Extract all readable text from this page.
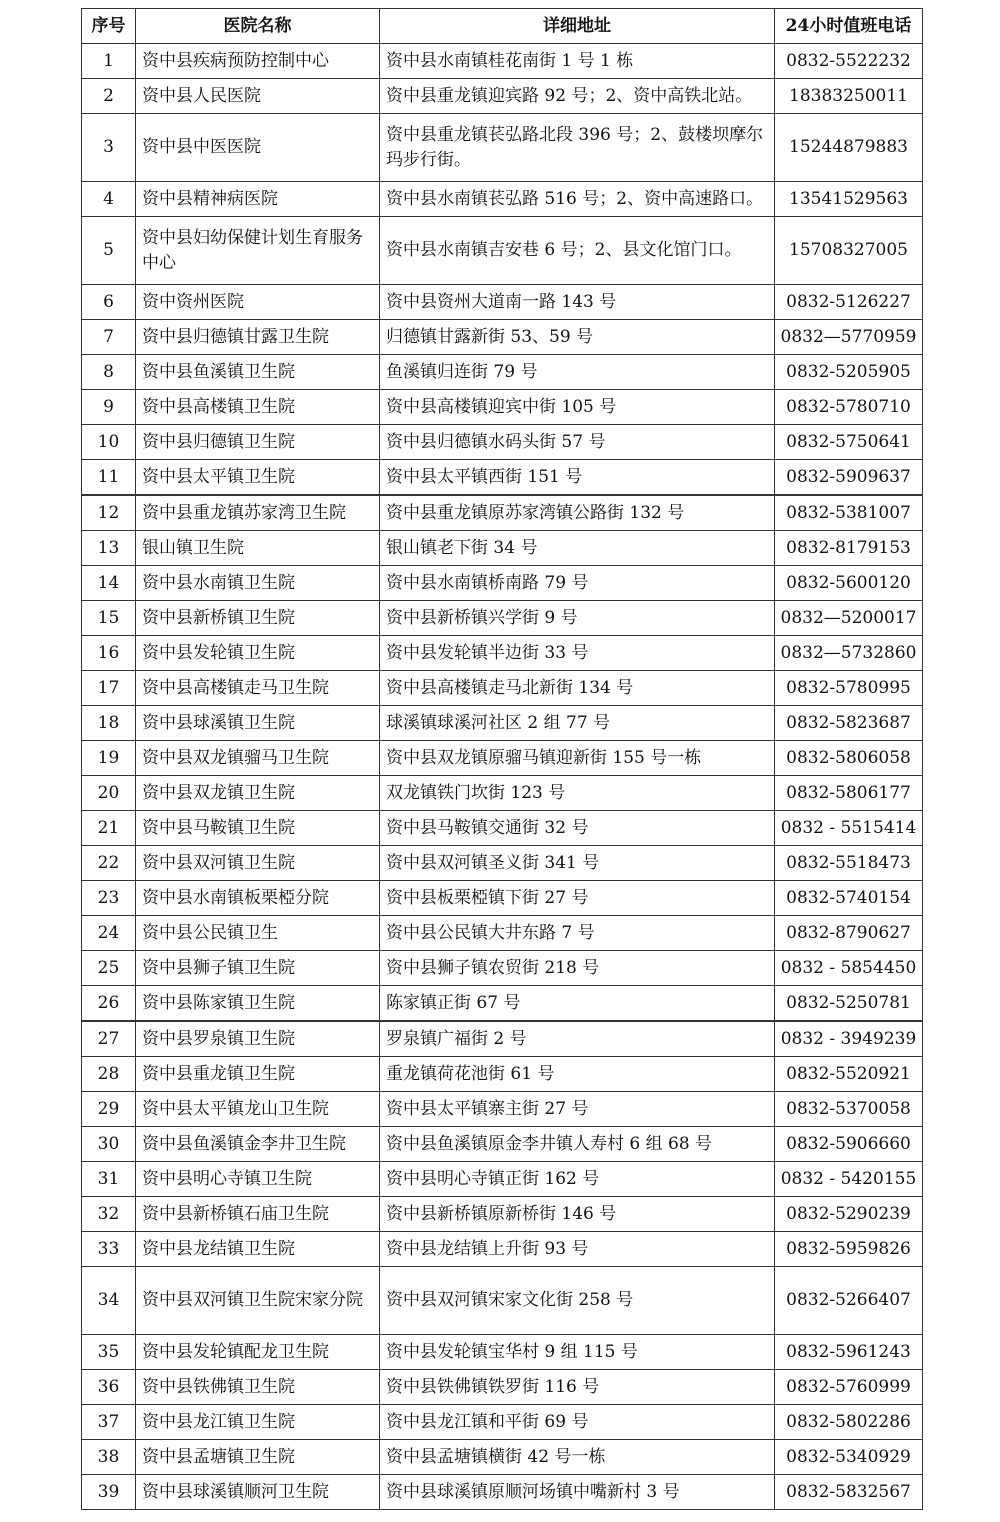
序号	医院名称	详细地址	24小时值班电话
1	资中县疾病预防控制中心	资中县水南镇桂花南街 1 号 1 栋	0832-5522232
2	资中县人民医院	资中县重龙镇迎宾路 92 号；2、资中高铁北站。	18383250011
3	资中县中医医院	资中县重龙镇苌弘路北段 396 号；2、鼓楼坝摩尔玛步行街。	15244879883
4	资中县精神病医院	资中县水南镇苌弘路 516 号；2、资中高速路口。	13541529563
5	资中县妇幼保健计划生育服务中心	资中县水南镇吉安巷 6 号；2、县文化馆门口。	15708327005
6	资中资州医院	资中县资州大道南一路 143 号	0832-5126227
7	资中县归德镇甘露卫生院	归德镇甘露新街 53、59 号	0832—5770959
8	资中县鱼溪镇卫生院	鱼溪镇归连街 79 号	0832-5205905
9	资中县高楼镇卫生院	资中县高楼镇迎宾中街 105 号	0832-5780710
10	资中县归德镇卫生院	资中县归德镇水码头街 57 号	0832-5750641
11	资中县太平镇卫生院	资中县太平镇西街 151 号	0832-5909637
12	资中县重龙镇苏家湾卫生院	资中县重龙镇原苏家湾镇公路街 132 号	0832-5381007
13	银山镇卫生院	银山镇老下街 34 号	0832-8179153
14	资中县水南镇卫生院	资中县水南镇桥南路 79 号	0832-5600120
15	资中县新桥镇卫生院	资中县新桥镇兴学街 9 号	0832—5200017
16	资中县发轮镇卫生院	资中县发轮镇半边街 33 号	0832—5732860
17	资中县高楼镇走马卫生院	资中县高楼镇走马北新街 134 号	0832-5780995
18	资中县球溪镇卫生院	球溪镇球溪河社区 2 组 77 号	0832-5823687
19	资中县双龙镇骝马卫生院	资中县双龙镇原骝马镇迎新街 155 号一栋	0832-5806058
20	资中县双龙镇卫生院	双龙镇铁门坎街 123 号	0832-5806177
21	资中县马鞍镇卫生院	资中县马鞍镇交通街 32 号	0832 - 5515414
22	资中县双河镇卫生院	资中县双河镇圣义街 341 号	0832-5518473
23	资中县水南镇板栗椏分院	资中县板栗椏镇下街 27 号	0832-5740154
24	资中县公民镇卫生	资中县公民镇大井东路 7 号	0832-8790627
25	资中县狮子镇卫生院	资中县狮子镇农贸街 218 号	0832 - 5854450
26	资中县陈家镇卫生院	陈家镇正街 67 号	0832-5250781
27	资中县罗泉镇卫生院	罗泉镇广福街 2 号	0832 - 3949239
28	资中县重龙镇卫生院	重龙镇荷花池街 61 号	0832-5520921
29	资中县太平镇龙山卫生院	资中县太平镇寨主街 27 号	0832-5370058
30	资中县鱼溪镇金李井卫生院	资中县鱼溪镇原金李井镇人寿村 6 组 68 号	0832-5906660
31	资中县明心寺镇卫生院	资中县明心寺镇正街 162 号	0832 - 5420155
32	资中县新桥镇石庙卫生院	资中县新桥镇原新桥街 146 号	0832-5290239
33	资中县龙结镇卫生院	资中县龙结镇上升街 93 号	0832-5959826
34	资中县双河镇卫生院宋家分院	资中县双河镇宋家文化街 258 号	0832-5266407
35	资中县发轮镇配龙卫生院	资中县发轮镇宝华村 9 组 115 号	0832-5961243
36	资中县铁佛镇卫生院	资中县铁佛镇铁罗街 116 号	0832-5760999
37	资中县龙江镇卫生院	资中县龙江镇和平街 69 号	0832-5802286
38	资中县孟塘镇卫生院	资中县孟塘镇横街 42 号一栋	0832-5340929
39	资中县球溪镇顺河卫生院	资中县球溪镇原顺河场镇中嘴新村 3 号	0832-5832567
